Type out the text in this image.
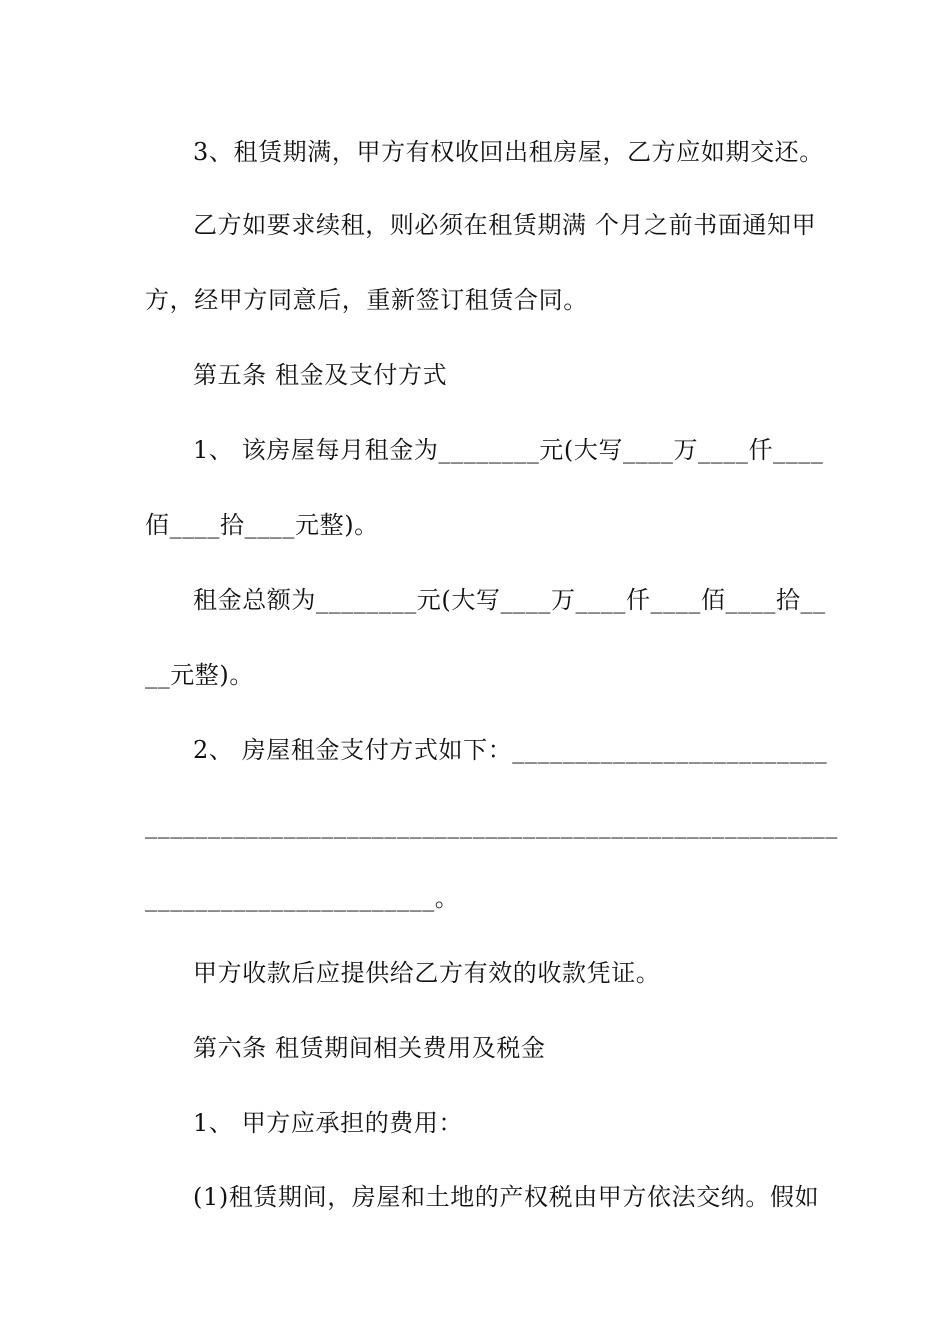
3、租赁期满，甲方有权收回出租房屋，乙方应如期交还。
乙方如要求续租，则必须在租赁期满 个月之前书面通知甲
方，经甲方同意后，重新签订租赁合同。
第五条 租金及支付方式
1、 该房屋每月租金为________元(大写____万____仟____
佰____拾____元整)。
租金总额为________元(大写____万____仟____佰____拾__
__元整)。
2、 房屋租金支付方式如下：_________________________
_______________________________________________________
_______________________。
甲方收款后应提供给乙方有效的收款凭证。
第六条 租赁期间相关费用及税金
1、 甲方应承担的费用：
(1)租赁期间，房屋和土地的产权税由甲方依法交纳。假如
